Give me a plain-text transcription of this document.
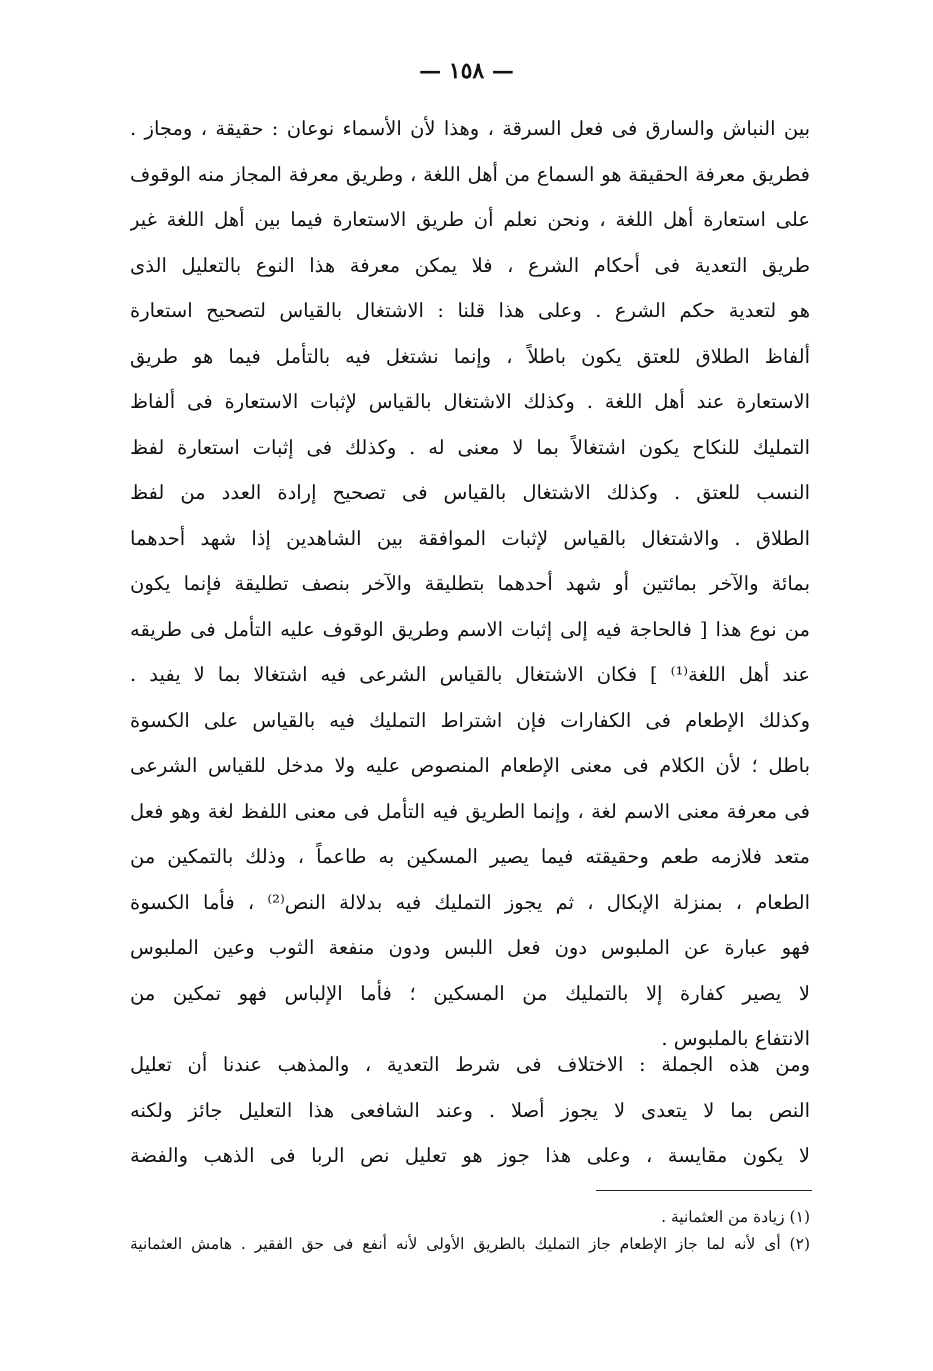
— ١٥٨ —
بين النباش والسارق فى فعل السرقة ، وهذا لأن الأسماء نوعان : حقيقة ، ومجاز .
فطريق معرفة الحقيقة هو السماع من أهل اللغة ، وطريق معرفة المجاز منه الوقوف
على استعارة أهل اللغة ، ونحن نعلم أن طريق الاستعارة فيما بين أهل اللغة غير
طريق التعدية فى أحكام الشرع ، فلا يمكن معرفة هذا النوع بالتعليل الذى
هو لتعدية حكم الشرع . وعلى هذا قلنا : الاشتغال بالقياس لتصحيح استعارة
ألفاظ الطلاق للعتق يكون باطلاً ، وإنما نشتغل فيه بالتأمل فيما هو طريق
الاستعارة عند أهل اللغة . وكذلك الاشتغال بالقياس لإثبات الاستعارة فى ألفاظ
التمليك للنكاح يكون اشتغالاً بما لا معنى له . وكذلك فى إثبات استعارة لفظ
النسب للعتق . وكذلك الاشتغال بالقياس فى تصحيح إرادة العدد من لفظ
الطلاق . والاشتغال بالقياس لإثبات الموافقة بين الشاهدين إذا شهد أحدهما
بمائة والآخر بمائتين أو شهد أحدهما بتطليقة والآخر بنصف تطليقة فإنما يكون
من نوع هذا [ فالحاجة فيه إلى إثبات الاسم وطريق الوقوف عليه التأمل فى طريقه
عند أهل اللغة⁽¹⁾ ] فكان الاشتغال بالقياس الشرعى فيه اشتغالا بما لا يفيد .
وكذلك الإطعام فى الكفارات فإن اشتراط التمليك فيه بالقياس على الكسوة
باطل ؛ لأن الكلام فى معنى الإطعام المنصوص عليه ولا مدخل للقياس الشرعى
فى معرفة معنى الاسم لغة ، وإنما الطريق فيه التأمل فى معنى اللفظ لغة وهو فعل
متعد فلازمه طعم وحقيقته فيما يصير المسكين به طاعماً ، وذلك بالتمكين من
الطعام ، بمنزلة الإبكال ، ثم يجوز التمليك فيه بدلالة النص⁽²⁾ ، فأما الكسوة
فهو عبارة عن الملبوس دون فعل اللبس ودون منفعة الثوب وعين الملبوس
لا يصير كفارة إلا بالتمليك من المسكين ؛ فأما الإلباس فهو تمكين من
الانتفاع بالملبوس .
ومن هذه الجملة : الاختلاف فى شرط التعدية ، والمذهب عندنا أن تعليل
النص بما لا يتعدى لا يجوز أصلا . وعند الشافعى هذا التعليل جائز ولكنه
لا يكون مقايسة ، وعلى هذا جوز هو تعليل نص الربا فى الذهب والفضة
(١) زيادة من العثمانية .
(٢) أى لأنه لما جاز الإطعام جاز التمليك بالطريق الأولى لأنه أنفع فى حق الفقير . هامش العثمانية
